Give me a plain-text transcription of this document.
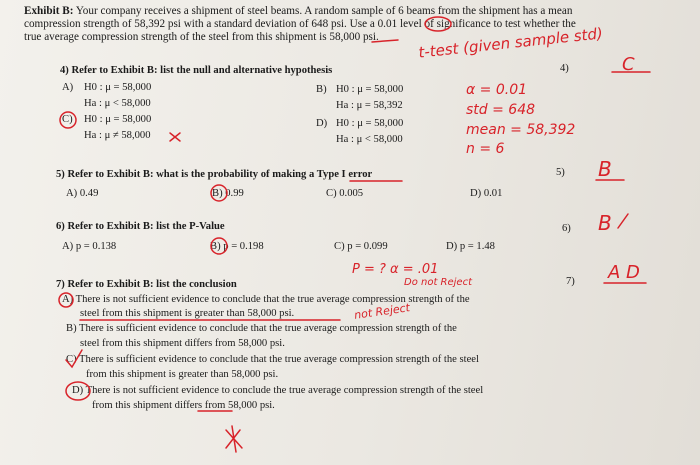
Exhibit B: Your company receives a shipment of steel beams. A random sample of 6 beams from the shipment has a mean
compression strength of 58,392 psi with a standard deviation of 648 psi. Use a 0.01 level of significance to test whether the
true average compression strength of the steel from this shipment is 58,000 psi.
4) Refer to Exhibit B: list the null and alternative hypothesis	4)
A) H0 : μ = 58,000
Ha : μ < 58,000
C) H0 : μ = 58,000
Ha : μ ≠ 58,000
B) H0 : μ = 58,000
Ha : μ = 58,392
D) H0 : μ = 58,000
Ha : μ < 58,000
5) Refer to Exhibit B: what is the probability of making a Type I error	5)
A) 0.49	B) 0.99	C) 0.005	D) 0.01
6) Refer to Exhibit B: list the P-Value	6)
A) p = 0.138	B) p = 0.198	C) p = 0.099	D) p = 1.48
7) Refer to Exhibit B: list the conclusion	7)
A) There is not sufficient evidence to conclude that the true average compression strength of the
steel from this shipment is greater than 58,000 psi.
B) There is sufficient evidence to conclude that the true average compression strength of the
steel from this shipment differs from 58,000 psi.
C) There is sufficient evidence to conclude that the true average compression strength of the steel
from this shipment is greater than 58,000 psi.
D) There is not sufficient evidence to conclude the true average compression strength of the steel
from this shipment differs from 58,000 psi.
t-test (given sample std)
C
α = 0.01
std = 648
mean = 58,392
n = 6
B
B
P = ? α = .01	A D
Do not Reject
not Reject
